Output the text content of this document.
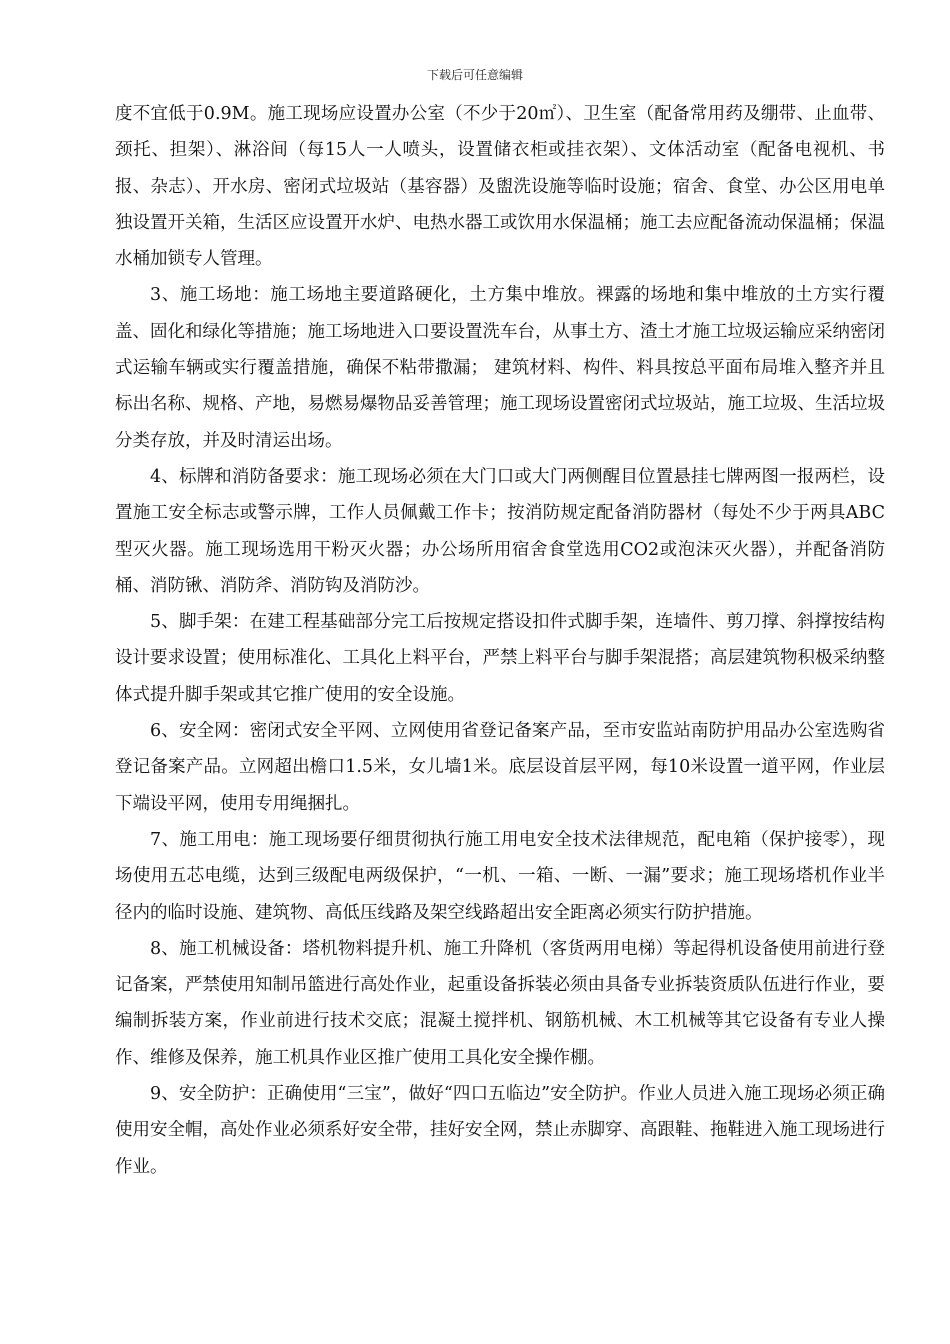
下载后可任意编辑

度不宜低于0.9M。施工现场应设置办公室（不少于20㎡）、卫生室（配备常用药及绷带、止血带、颈托、担架）、淋浴间（每15人一人喷头，设置储衣柜或挂衣架）、文体活动室（配备电视机、书报、杂志）、开水房、密闭式垃圾站（基容器）及盥洗设施等临时设施；宿舍、食堂、办公区用电单独设置开关箱，生活区应设置开水炉、电热水器工或饮用水保温桶；施工去应配备流动保温桶；保温水桶加锁专人管理。

3、施工场地：施工场地主要道路硬化，土方集中堆放。裸露的场地和集中堆放的土方实行覆盖、固化和绿化等措施；施工场地进入口要设置洗车台，从事土方、渣土才施工垃圾运输应采纳密闭式运输车辆或实行覆盖措施，确保不粘带撒漏； 建筑材料、构件、料具按总平面布局堆入整齐并且标出名称、规格、产地，易燃易爆物品妥善管理；施工现场设置密闭式垃圾站，施工垃圾、生活垃圾分类存放，并及时清运出场。

4、标牌和消防备要求：施工现场必须在大门口或大门两侧醒目位置悬挂七牌两图一报两栏，设置施工安全标志或警示牌，工作人员佩戴工作卡；按消防规定配备消防器材（每处不少于两具ABC型灭火器。施工现场选用干粉灭火器；办公场所用宿舍食堂选用CO2或泡沫灭火器），并配备消防桶、消防锹、消防斧、消防钩及消防沙。

5、脚手架：在建工程基础部分完工后按规定搭设扣件式脚手架，连墙件、剪刀撑、斜撑按结构设计要求设置；使用标准化、工具化上料平台，严禁上料平台与脚手架混搭；高层建筑物积极采纳整体式提升脚手架或其它推广使用的安全设施。

6、安全网：密闭式安全平网、立网使用省登记备案产品，至市安监站南防护用品办公室选购省登记备案产品。立网超出檐口1.5米，女儿墙1米。底层设首层平网，每10米设置一道平网，作业层下端设平网，使用专用绳捆扎。

7、施工用电：施工现场要仔细贯彻执行施工用电安全技术法律规范，配电箱（保护接零），现场使用五芯电缆，达到三级配电两级保护，“一机、一箱、一断、一漏”要求；施工现场塔机作业半径内的临时设施、建筑物、高低压线路及架空线路超出安全距离必须实行防护措施。

8、施工机械设备：塔机物料提升机、施工升降机（客货两用电梯）等起得机设备使用前进行登记备案，严禁使用知制吊篮进行高处作业，起重设备拆装必须由具备专业拆装资质队伍进行作业，要编制拆装方案，作业前进行技术交底；混凝土搅拌机、钢筋机械、木工机械等其它设备有专业人操作、维修及保养，施工机具作业区推广使用工具化安全操作棚。

9、安全防护：正确使用“三宝”，做好“四口五临边”安全防护。作业人员进入施工现场必须正确使用安全帽，高处作业必须系好安全带，挂好安全网，禁止赤脚穿、高跟鞋、拖鞋进入施工现场进行作业。
